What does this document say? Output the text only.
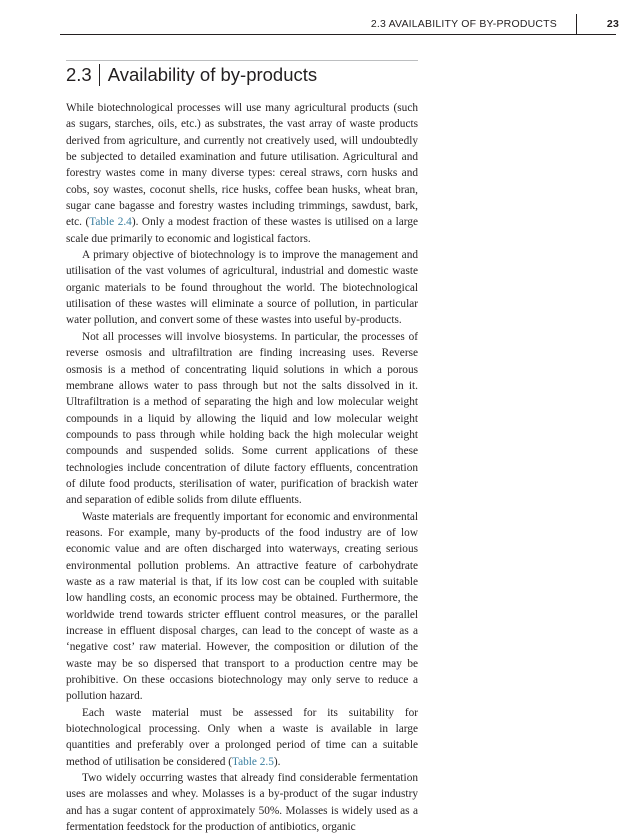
2.3 AVAILABILITY OF BY-PRODUCTS	23
2.3 Availability of by-products

While biotechnological processes will use many agricultural products (such as sugars, starches, oils, etc.) as substrates, the vast array of waste products derived from agriculture, and currently not creatively used, will undoubtedly be subjected to detailed examination and future utilisation. Agricultural and forestry wastes come in many diverse types: cereal straws, corn husks and cobs, soy wastes, coconut shells, rice husks, coffee bean husks, wheat bran, sugar cane bagasse and forestry wastes including trimmings, sawdust, bark, etc. (Table 2.4). Only a modest fraction of these wastes is utilised on a large scale due primarily to economic and logistical factors.

A primary objective of biotechnology is to improve the management and utilisation of the vast volumes of agricultural, industrial and domestic waste organic materials to be found throughout the world. The biotechnological utilisation of these wastes will eliminate a source of pollution, in particular water pollution, and convert some of these wastes into useful by-products.

Not all processes will involve biosystems. In particular, the processes of reverse osmosis and ultrafiltration are finding increasing uses. Reverse osmosis is a method of concentrating liquid solutions in which a porous membrane allows water to pass through but not the salts dissolved in it. Ultrafiltration is a method of separating the high and low molecular weight compounds in a liquid by allowing the liquid and low molecular weight compounds to pass through while holding back the high molecular weight compounds and suspended solids. Some current applications of these technologies include concentration of dilute factory effluents, concentration of dilute food products, sterilisation of water, purification of brackish water and separation of edible solids from dilute effluents.

Waste materials are frequently important for economic and environmental reasons. For example, many by-products of the food industry are of low economic value and are often discharged into waterways, creating serious environmental pollution problems. An attractive feature of carbohydrate waste as a raw material is that, if its low cost can be coupled with suitable low handling costs, an economic process may be obtained. Furthermore, the worldwide trend towards stricter effluent control measures, or the parallel increase in effluent disposal charges, can lead to the concept of waste as a ‘negative cost’ raw material. However, the composition or dilution of the waste may be so dispersed that transport to a production centre may be prohibitive. On these occasions biotechnology may only serve to reduce a pollution hazard.

Each waste material must be assessed for its suitability for biotechnological processing. Only when a waste is available in large quantities and preferably over a prolonged period of time can a suitable method of utilisation be considered (Table 2.5).

Two widely occurring wastes that already find considerable fermentation uses are molasses and whey. Molasses is a by-product of the sugar industry and has a sugar content of approximately 50%. Molasses is widely used as a fermentation feedstock for the production of antibiotics, organic
